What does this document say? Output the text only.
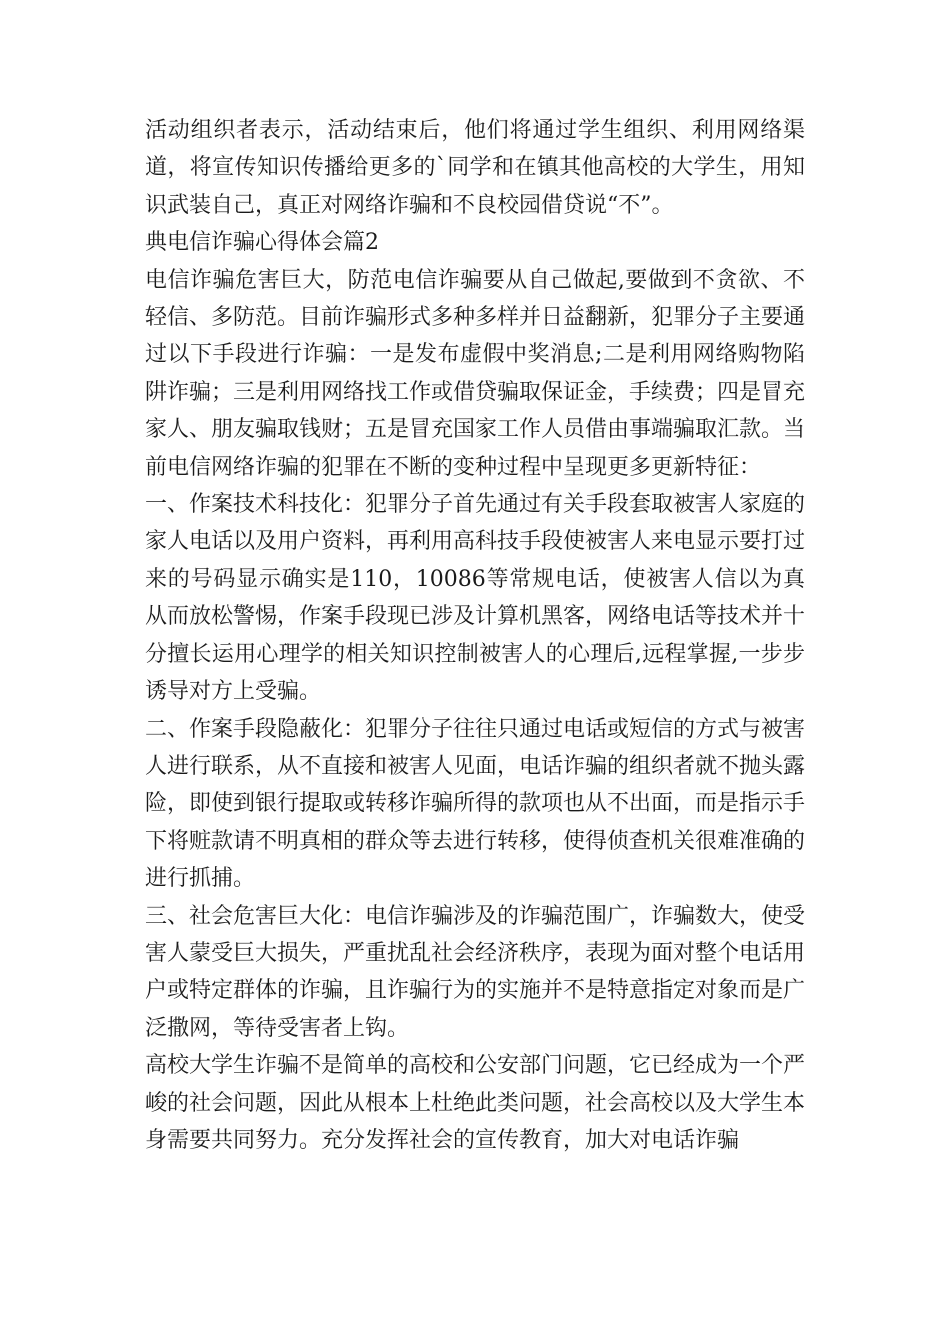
活动组织者表示，活动结束后，他们将通过学生组织、利用网络渠道，将宣传知识传播给更多的`同学和在镇其他高校的大学生，用知识武装自己，真正对网络诈骗和不良校园借贷说“不”。

典电信诈骗心得体会篇2

电信诈骗危害巨大，防范电信诈骗要从自己做起,要做到不贪欲、不轻信、多防范。目前诈骗形式多种多样并日益翻新，犯罪分子主要通过以下手段进行诈骗：一是发布虚假中奖消息;二是利用网络购物陷阱诈骗；三是利用网络找工作或借贷骗取保证金，手续费；四是冒充家人、朋友骗取钱财；五是冒充国家工作人员借由事端骗取汇款。当前电信网络诈骗的犯罪在不断的变种过程中呈现更多更新特征：

一、作案技术科技化：犯罪分子首先通过有关手段套取被害人家庭的家人电话以及用户资料，再利用高科技手段使被害人来电显示要打过来的号码显示确实是110，10086等常规电话，使被害人信以为真从而放松警惕，作案手段现已涉及计算机黑客，网络电话等技术并十分擅长运用心理学的相关知识控制被害人的心理后,远程掌握,一步步诱导对方上受骗。

二、作案手段隐蔽化：犯罪分子往往只通过电话或短信的方式与被害人进行联系，从不直接和被害人见面，电话诈骗的组织者就不抛头露险，即使到银行提取或转移诈骗所得的款项也从不出面，而是指示手下将赃款请不明真相的群众等去进行转移，使得侦查机关很难准确的进行抓捕。

三、社会危害巨大化：电信诈骗涉及的诈骗范围广，诈骗数大，使受害人蒙受巨大损失，严重扰乱社会经济秩序，表现为面对整个电话用户或特定群体的诈骗，且诈骗行为的实施并不是特意指定对象而是广泛撒网，等待受害者上钩。

高校大学生诈骗不是简单的高校和公安部门问题，它已经成为一个严峻的社会问题，因此从根本上杜绝此类问题，社会高校以及大学生本身需要共同努力。充分发挥社会的宣传教育，加大对电话诈骗
